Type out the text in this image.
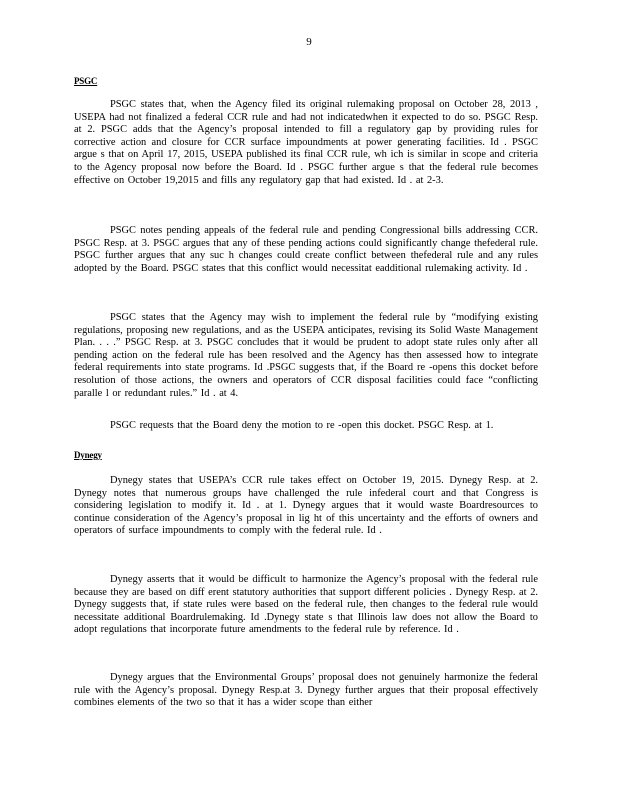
9
PSGC

PSGC states that, when the Agency filed its original rulemaking proposal on October 28, 2013 , USEPA had not finalized a federal CCR rule and had not indicatedwhen it expected to do so. PSGC Resp. at 2. PSGC adds that the Agency’s proposal intended to fill a regulatory gap by providing rules for corrective action and closure for CCR surface impoundments at power generating facilities. Id . PSGC argue s that on April 17, 2015, USEPA published its final CCR rule, wh ich is similar in scope and criteria to the Agency proposal now before the Board. Id . PSGC further argue s that the federal rule becomes effective on October 19,2015 and fills any regulatory gap that had existed. Id . at 2-3.

PSGC notes pending appeals of the federal rule and pending Congressional bills addressing CCR. PSGC Resp. at 3. PSGC argues that any of these pending actions could significantly change thefederal rule. PSGC further argues that any suc h changes could create conflict between thefederal rule and any rules adopted by the Board. PSGC states that this conflict would necessitat eadditional rulemaking activity. Id .

PSGC states that the Agency may wish to implement the federal rule by “modifying existing regulations, proposing new regulations, and as the USEPA anticipates, revising its Solid Waste Management Plan. . . .” PSGC Resp. at 3. PSGC concludes that it would be prudent to adopt state rules only after all pending action on the federal rule has been resolved and the Agency has then assessed how to integrate federal requirements into state programs. Id .PSGC suggests that, if the Board re -opens this docket before resolution of those actions, the owners and operators of CCR disposal facilities could face “conflicting paralle l or redundant rules.” Id . at 4.

PSGC requests that the Board deny the motion to re -open this docket. PSGC Resp. at 1.

Dynegy

Dynegy states that USEPA’s CCR rule takes effect on October 19, 2015. Dynegy Resp. at 2. Dynegy notes that numerous groups have challenged the rule infederal court and that Congress is considering legislation to modify it. Id . at 1. Dynegy argues that it would waste Boardresources to continue consideration of the Agency’s proposal in lig ht of this uncertainty and the efforts of owners and operators of surface impoundments to comply with the federal rule. Id .

Dynegy asserts that it would be difficult to harmonize the Agency’s proposal with the federal rule because they are based on diff erent statutory authorities that support different policies . Dynegy Resp. at 2. Dynegy suggests that, if state rules were based on the federal rule, then changes to the federal rule would necessitate additional Boardrulemaking. Id .Dynegy state s that Illinois law does not allow the Board to adopt regulations that incorporate future amendments to the federal rule by reference. Id .

Dynegy argues that the Environmental Groups’ proposal does not genuinely harmonize the federal rule with the Agency’s proposal. Dynegy Resp.at 3. Dynegy further argues that their proposal effectively combines elements of the two so that it has a wider scope than either
